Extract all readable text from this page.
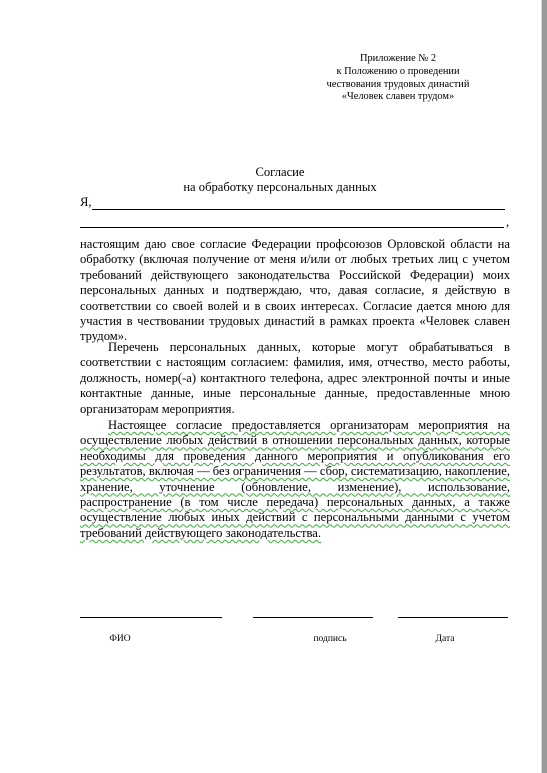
Приложение № 2
к Положению о проведении
чествования трудовых династий
«Человек славен трудом»
Согласие
на обработку персональных данных
Я,
,
настоящим даю свое согласие Федерации профсоюзов Орловской области на обработку (включая получение от меня и/или от любых третьих лиц с учетом требований действующего законодательства Российской Федерации) моих персональных данных и подтверждаю, что, давая согласие, я действую в соответствии со своей волей и в своих интересах. Согласие дается мною для участия в чествовании трудовых династий в рамках проекта «Человек славен трудом».
Перечень персональных данных, которые могут обрабатываться в соответствии с настоящим согласием: фамилия, имя, отчество, место работы, должность, номер(-а) контактного телефона, адрес электронной почты и иные контактные данные, иные персональные данные, предоставленные мною организаторам мероприятия.
Настоящее согласие предоставляется организаторам мероприятия на осуществление любых действий в отношении персональных данных, которые необходимы для проведения данного мероприятия и опубликования его результатов, включая — без ограничения — сбор, систематизацию, накопление, хранение, уточнение (обновление, изменение), использование, распространение (в том числе передача) персональных данных, а также осуществление любых иных действий с персональными данными с учетом требований действующего законодательства.
ФИО	подпись	Дата
